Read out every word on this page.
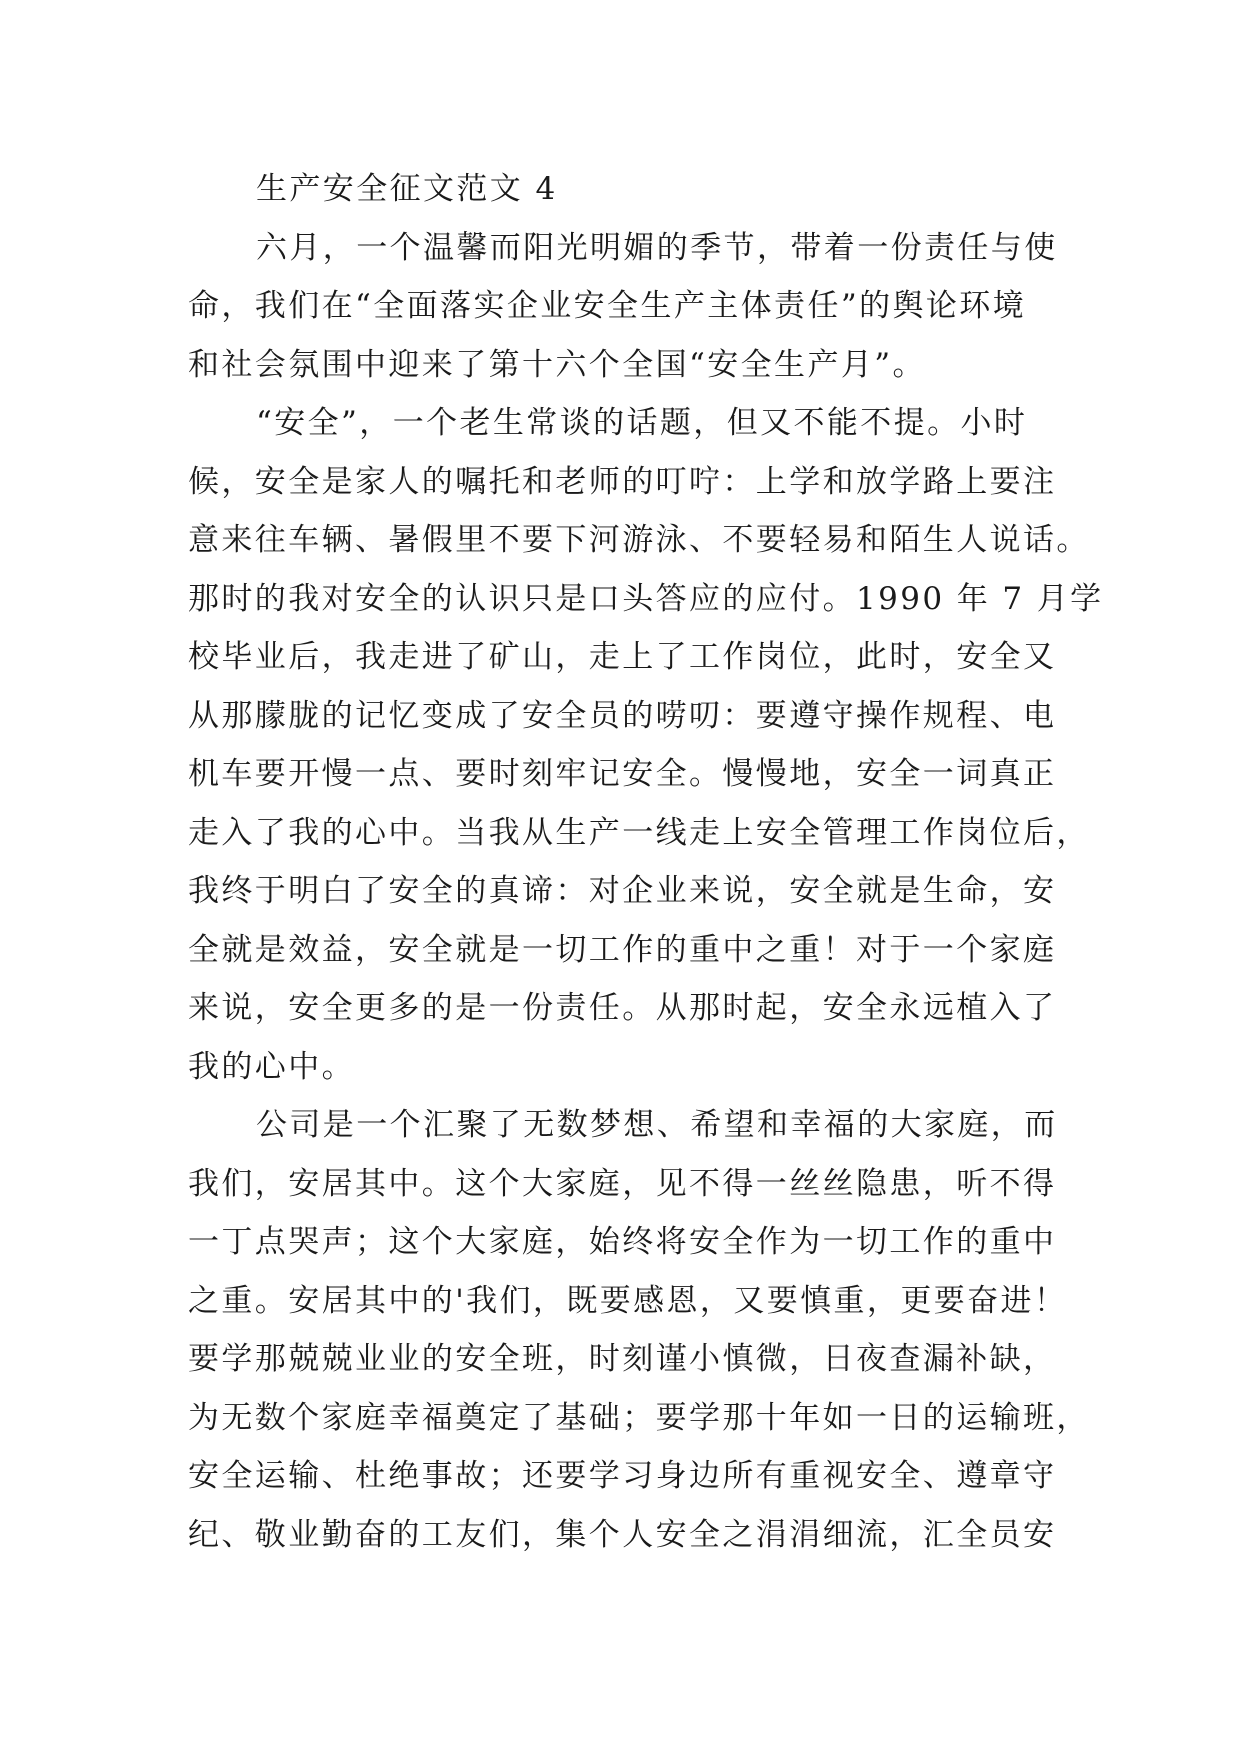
生产安全征文范文 4
六月，一个温馨而阳光明媚的季节，带着一份责任与使
命，我们在“全面落实企业安全生产主体责任”的舆论环境
和社会氛围中迎来了第十六个全国“安全生产月”。
“安全”，一个老生常谈的话题，但又不能不提。小时
候，安全是家人的嘱托和老师的叮咛：上学和放学路上要注
意来往车辆、暑假里不要下河游泳、不要轻易和陌生人说话。
那时的我对安全的认识只是口头答应的应付。1990 年 7 月学
校毕业后，我走进了矿山，走上了工作岗位，此时，安全又
从那朦胧的记忆变成了安全员的唠叨：要遵守操作规程、电
机车要开慢一点、要时刻牢记安全。慢慢地，安全一词真正
走入了我的心中。当我从生产一线走上安全管理工作岗位后，
我终于明白了安全的真谛：对企业来说，安全就是生命，安
全就是效益，安全就是一切工作的重中之重！对于一个家庭
来说，安全更多的是一份责任。从那时起，安全永远植入了
我的心中。
公司是一个汇聚了无数梦想、希望和幸福的大家庭，而
我们，安居其中。这个大家庭，见不得一丝丝隐患，听不得
一丁点哭声；这个大家庭，始终将安全作为一切工作的重中
之重。安居其中的'我们，既要感恩，又要慎重，更要奋进！
要学那兢兢业业的安全班，时刻谨小慎微，日夜查漏补缺，
为无数个家庭幸福奠定了基础；要学那十年如一日的运输班，
安全运输、杜绝事故；还要学习身边所有重视安全、遵章守
纪、敬业勤奋的工友们，集个人安全之涓涓细流，汇全员安
